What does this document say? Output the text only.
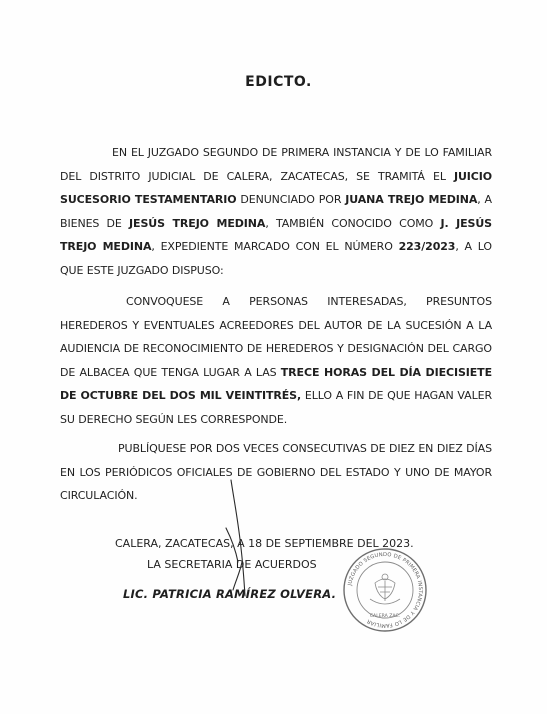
EDICTO.
EN EL JUZGADO SEGUNDO DE PRIMERA INSTANCIA Y DE LO FAMILIAR DEL DISTRITO JUDICIAL DE CALERA, ZACATECAS, SE TRAMITÁ EL JUICIO SUCESORIO TESTAMENTARIO DENUNCIADO POR JUANA TREJO MEDINA, A BIENES DE JESÚS TREJO MEDINA, TAMBIÉN CONOCIDO COMO J. JESÚS TREJO MEDINA, EXPEDIENTE MARCADO CON EL NÚMERO 223/2023, A LO QUE ESTE JUZGADO DISPUSO:
CONVOQUESE A PERSONAS INTERESADAS, PRESUNTOS HEREDEROS Y EVENTUALES ACREEDORES DEL AUTOR DE LA SUCESIÓN A LA AUDIENCIA DE RECONOCIMIENTO DE HEREDEROS Y DESIGNACIÓN DEL CARGO DE ALBACEA QUE TENGA LUGAR A LAS TRECE HORAS DEL DÍA DIECISIETE DE OCTUBRE DEL DOS MIL VEINTITRÉS, ELLO A FIN DE QUE HAGAN VALER SU DERECHO SEGÚN LES CORRESPONDE.
PUBLÍQUESE POR DOS VECES CONSECUTIVAS DE DIEZ EN DIEZ DÍAS EN LOS PERIÓDICOS OFICIALES DE GOBIERNO DEL ESTADO Y UNO DE MAYOR CIRCULACIÓN.
CALERA, ZACATECAS, A 18 DE SEPTIEMBRE DEL 2023.
LA SECRETARIA DE ACUERDOS
LIC. PATRICIA RAMÍREZ OLVERA.
JUZGADO SEGUNDO DE PRIMERA INSTANCIA Y DE LO FAMILIAR
CALERA ZAC.
